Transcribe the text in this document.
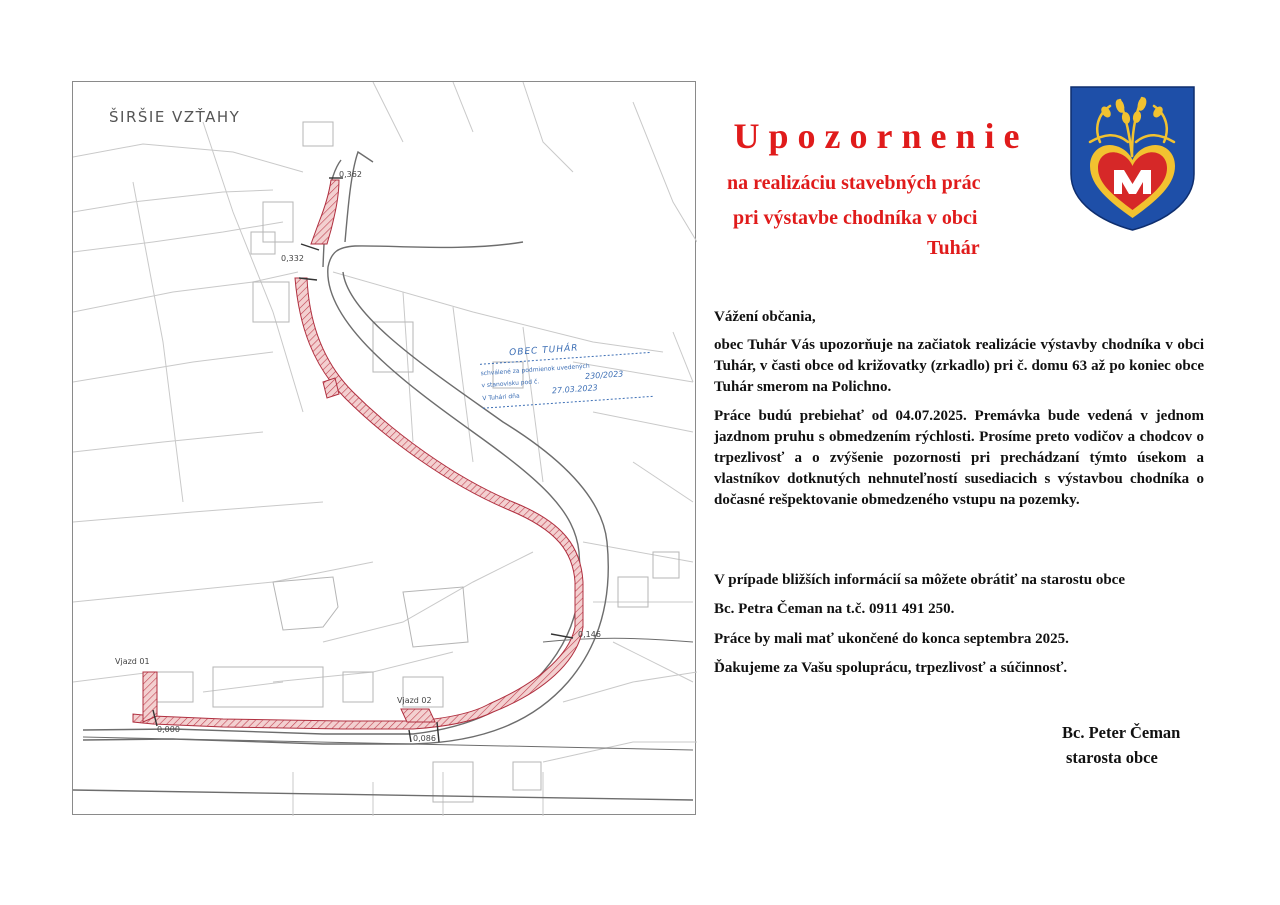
ŠIRŠIE VZŤAHY
0,362
0,332
0,146
0,086
0,000
Vjazd 01
Vjazd 02
OBEC TUHÁR
schválené za podmienok uvedených
v stanovisku pod č.
230/2023
V Tuhári dňa
27.03.2023
Upozornenie
na realizáciu stavebných prác
pri výstavbe chodníka v obci
Tuhár

Vážení občania,

obec Tuhár Vás upozorňuje na začiatok realizácie výstavby chodníka v obci Tuhár, v časti obce od križovatky (zrkadlo) pri č. domu 63 až po koniec obce Tuhár smerom na Polichno.

Práce budú prebiehať od 04.07.2025. Premávka bude vedená v jednom jazdnom pruhu s obmedzením rýchlosti. Prosíme preto vodičov a chodcov o trpezlivosť a o zvýšenie pozornosti pri prechádzaní týmto úsekom a vlastníkov dotknutých nehnuteľností susediacich s výstavbou chodníka o dočasné rešpektovanie obmedzeného vstupu na pozemky.

V prípade bližších informácií sa môžete obrátiť na starostu obce
Bc. Petra Čeman na t.č. 0911 491 250.
Práce by mali mať ukončené do konca septembra 2025.
Ďakujeme za Vašu spoluprácu, trpezlivosť a súčinnosť.
Bc. Peter Čeman
starosta obce
